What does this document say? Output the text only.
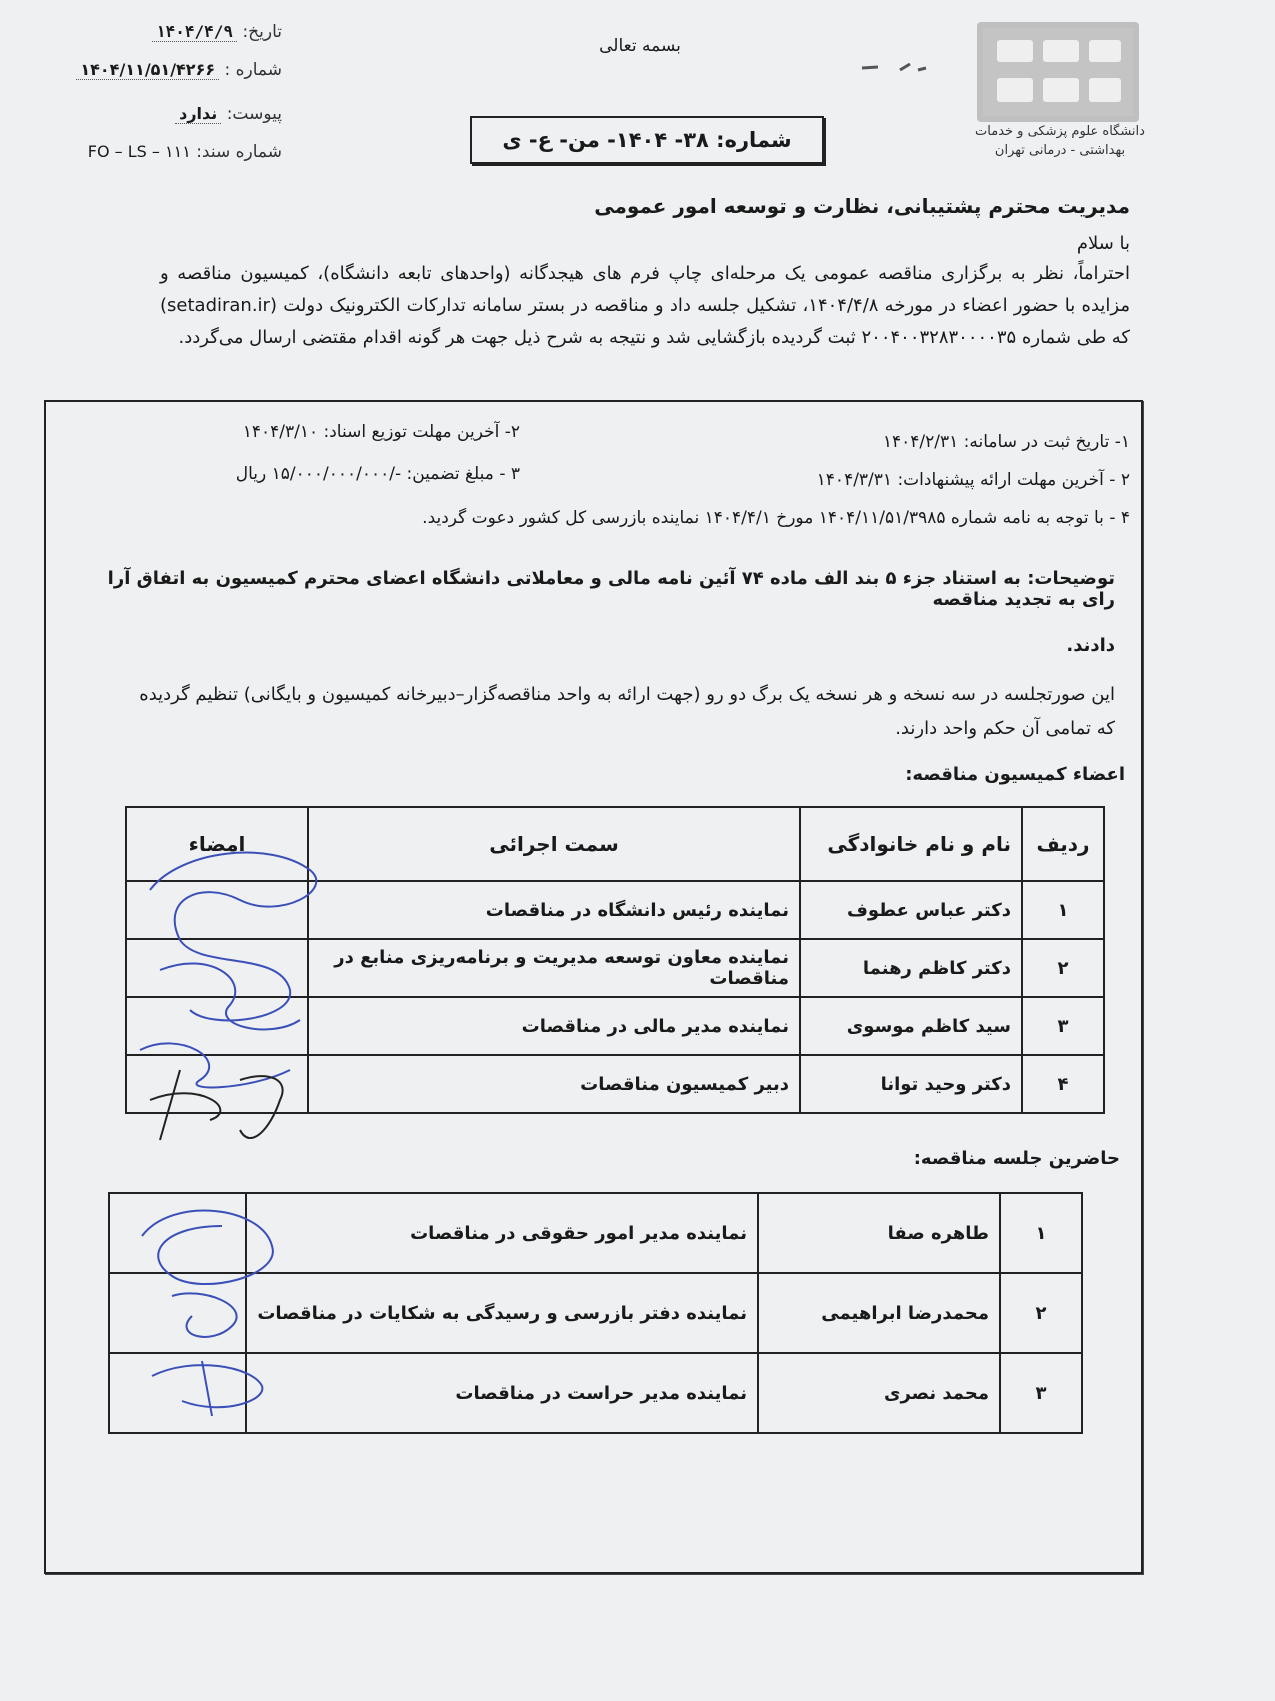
تاریخ: ۱۴۰۴/۴/۹
شماره : ۱۴۰۴/۱۱/۵۱/۴۲۶۶
پیوست: ندارد
شماره سند: FO – LS – ۱۱۱
بسمه تعالی
شماره: ۳۸- ۱۴۰۴- من- ع- ی	دانشگاه علوم پزشکی و خدمات
بهداشتی - درمانی تهران
مدیریت محترم پشتیبانی، نظارت و توسعه امور عمومی
با سلام
احتراماً، نظر به برگزاری مناقصه عمومی یک مرحله‌ای چاپ فرم های هیجدگانه (واحدهای تابعه دانشگاه)، کمیسیون مناقصه و مزایده با حضور اعضاء در مورخه ۱۴۰۴/۴/۸، تشکیل جلسه داد و مناقصه در بستر سامانه تدارکات الکترونیک دولت (setadiran.ir) که طی شماره ۲۰۰۴۰۰۳۲۸۳۰۰۰۰۳۵ ثبت گردیده بازگشایی شد و نتیجه به شرح ذیل جهت هر گونه اقدام مقتضی ارسال می‌گردد.
۱- تاریخ ثبت در سامانه: ۱۴۰۴/۲/۳۱
۲- آخرین مهلت توزیع اسناد: ۱۴۰۴/۳/۱۰
۲ - آخرین مهلت ارائه پیشنهادات: ۱۴۰۴/۳/۳۱
۳ - مبلغ تضمین: -/۱۵/۰۰۰/۰۰۰/۰۰۰ ریال
۴ - با توجه به نامه شماره ۱۴۰۴/۱۱/۵۱/۳۹۸۵ مورخ ۱۴۰۴/۴/۱ نماینده بازرسی کل کشور دعوت گردید.
توضیحات: به استناد جزء ۵ بند الف ماده ۷۴ آئین نامه مالی و معاملاتی دانشگاه اعضای محترم کمیسیون به اتفاق آرا رای به تجدید مناقصه
دادند.
این صورتجلسه در سه نسخه و هر نسخه یک برگ دو رو (جهت ارائه به واحد مناقصه‌گزار–دبیرخانه کمیسیون و بایگانی) تنظیم گردیده که تمامی آن حکم واحد دارند.
اعضاء کمیسیون مناقصه:
ردیف	نام و نام خانوادگی	سمت اجرائی	امضاء
۱	دکتر عباس عطوف	نماینده رئیس دانشگاه در مناقصات	
۲	دکتر کاظم رهنما	نماینده معاون توسعه مدیریت و برنامه‌ریزی منابع در مناقصات	
۳	سید کاظم موسوی	نماینده مدیر مالی در مناقصات	
۴	دکتر وحید توانا	دبیر کمیسیون مناقصات	
حاضرین جلسه مناقصه:
۱	طاهره صفا	نماینده مدیر امور حقوقی در مناقصات	
۲	محمدرضا ابراهیمی	نماینده دفتر بازرسی و رسیدگی به شکایات در مناقصات	
۳	محمد نصری	نماینده مدیر حراست در مناقصات	
